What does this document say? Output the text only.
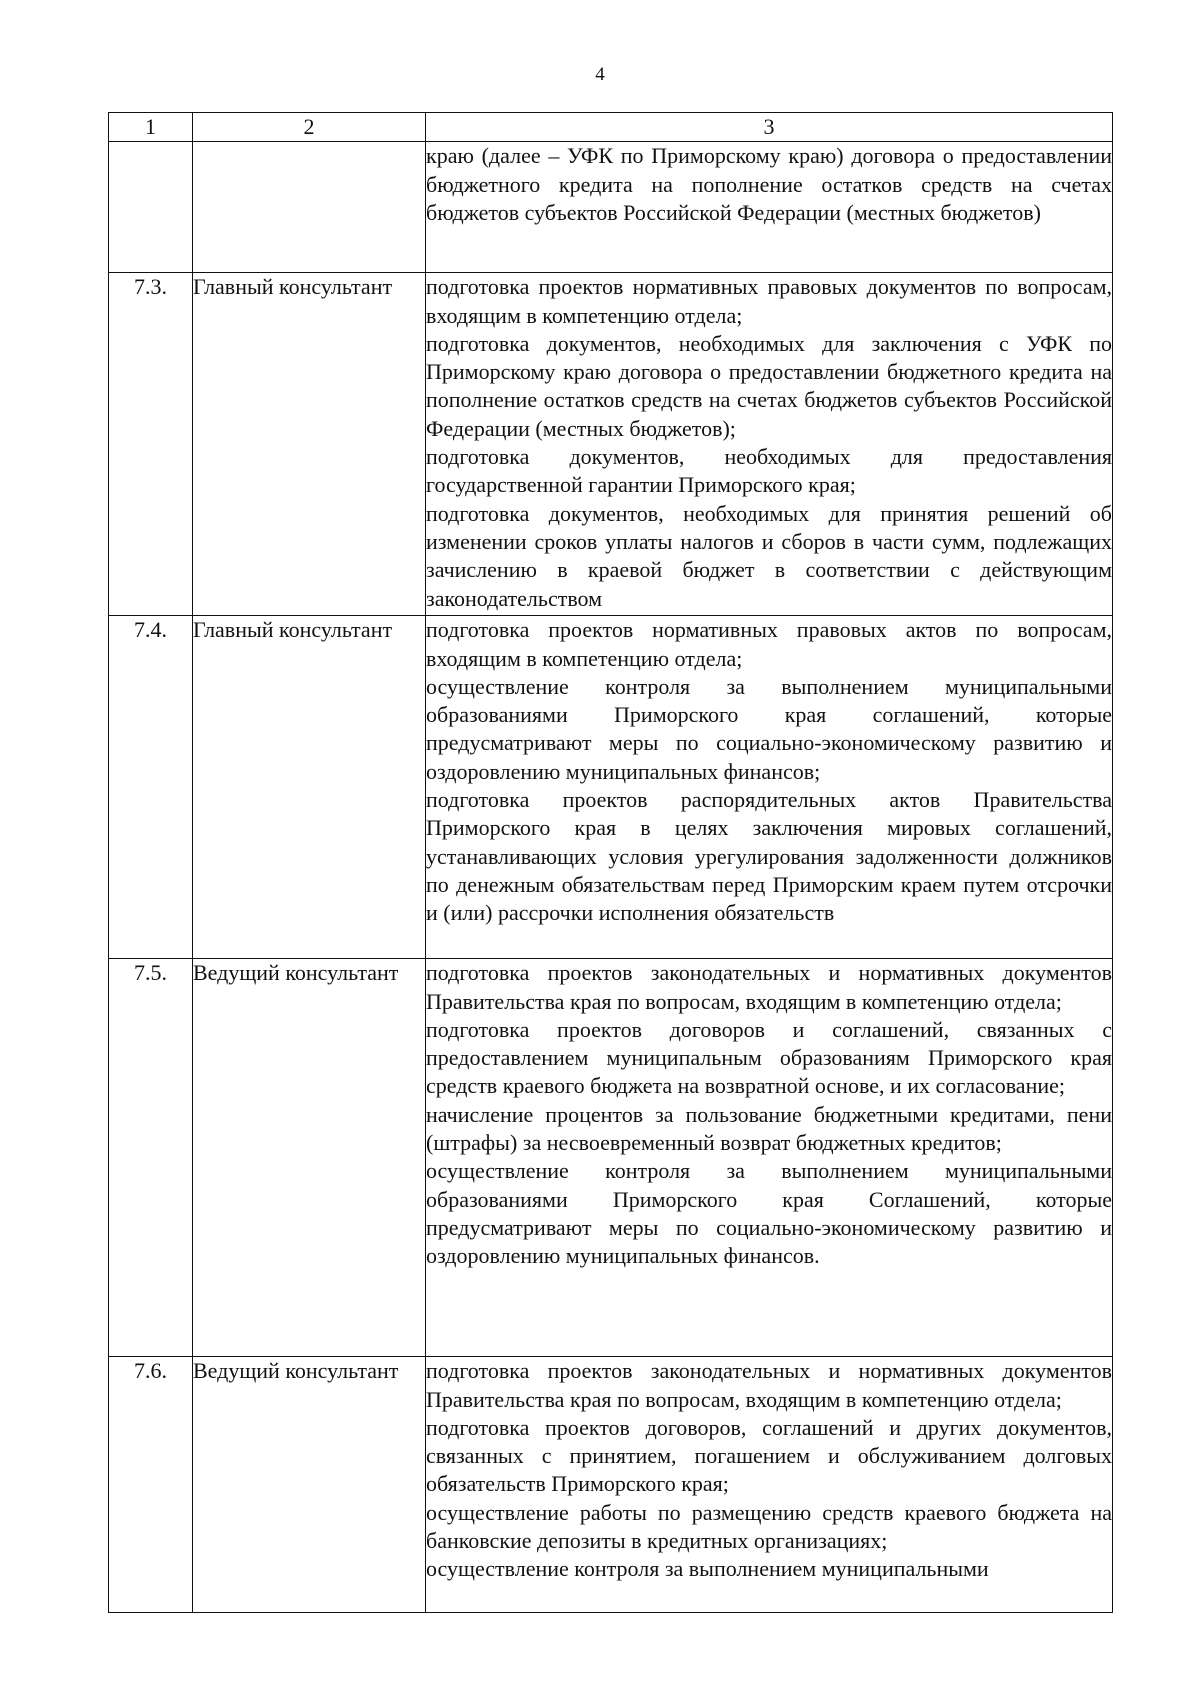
4
1	2	3

		краю (далее – УФК по Приморскому краю) договора о предоставлении бюджетного кредита на пополнение остатков средств на счетах бюджетов субъектов Российской Федерации (местных бюджетов)

7.3.	Главный консультант	подготовка проектов нормативных правовых документов по вопросам, входящим в компетенцию отдела;

подготовка документов, необходимых для заключения с УФК по Приморскому краю договора о предоставлении бюджетного кредита на пополнение остатков средств на счетах бюджетов субъектов Российской Федерации (местных бюджетов);

подготовка документов, необходимых для предоставления государственной гарантии Приморского края;

подготовка документов, необходимых для принятия решений об изменении сроков уплаты налогов и сборов в части сумм, подлежащих зачислению в краевой бюджет в соответствии с действующим законодательством

7.4.	Главный консультант	подготовка проектов нормативных правовых актов по вопросам, входящим в компетенцию отдела;

осуществление контроля за выполнением муниципальными образованиями Приморского края соглашений, которые предусматривают меры по социально-экономическому развитию и оздоровлению муниципальных финансов;

подготовка проектов распорядительных актов Правительства Приморского края в целях заключения мировых соглашений, устанавливающих условия урегулирования задолженности должников по денежным обязательствам перед Приморским краем путем отсрочки и (или) рассрочки исполнения обязательств

7.5.	Ведущий консультант	подготовка проектов законодательных и нормативных документов Правительства края по вопросам, входящим в компетенцию отдела;

подготовка проектов договоров и соглашений, связанных с предоставлением муниципальным образованиям Приморского края средств краевого бюджета на возвратной основе, и их согласование;

начисление процентов за пользование бюджетными кредитами, пени (штрафы) за несвоевременный возврат бюджетных кредитов;

осуществление контроля за выполнением муниципальными образованиями Приморского края Соглашений, которые предусматривают меры по социально-экономическому развитию и оздоровлению муниципальных финансов.

7.6.	Ведущий консультант	подготовка проектов законодательных и нормативных документов Правительства края по вопросам, входящим в компетенцию отдела;

подготовка проектов договоров, соглашений и других документов, связанных с принятием, погашением и обслуживанием долговых обязательств Приморского края;

осуществление работы по размещению средств краевого бюджета на банковские депозиты в кредитных организациях;

осуществление контроля за выполнением муниципальными
